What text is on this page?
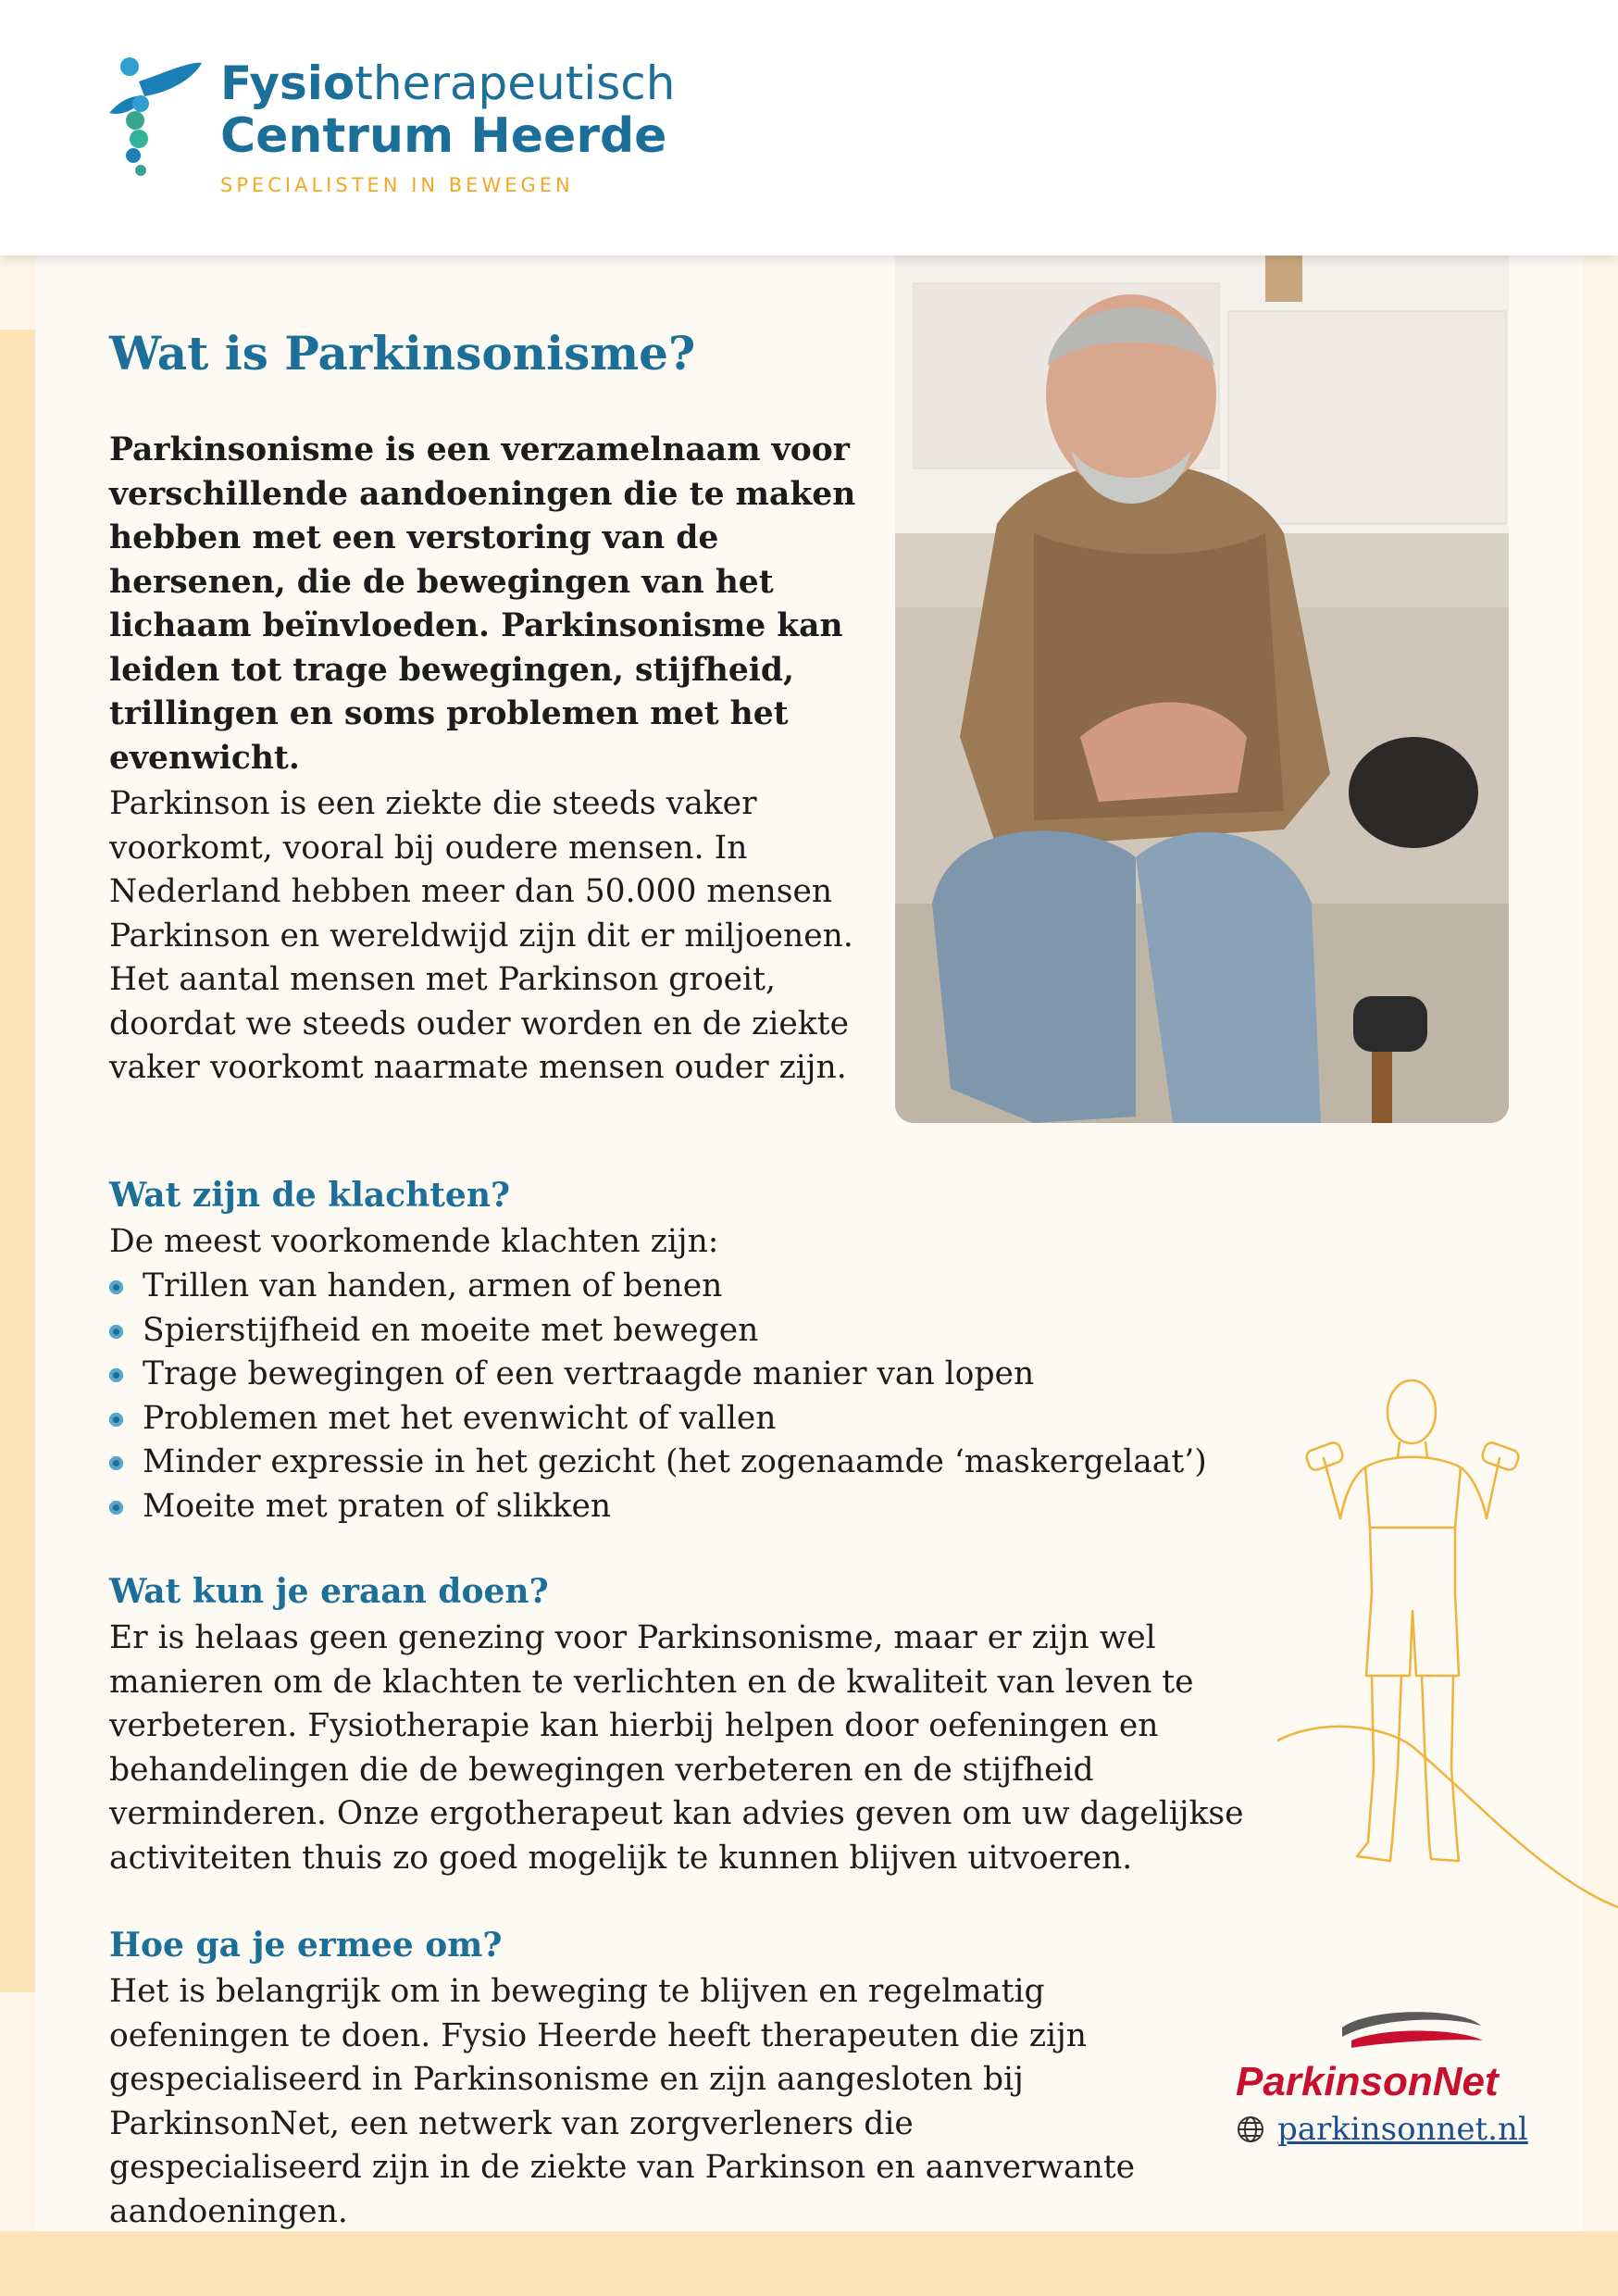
Fysiotherapeutisch
Centrum Heerde
SPECIALISTEN IN BEWEGEN
Wat is Parkinsonisme?

Parkinsonisme is een verzamelnaam voor verschillende aandoeningen die te maken hebben met een verstoring van de hersenen, die de bewegingen van het lichaam beïnvloeden. Parkinsonisme kan leiden tot trage bewegingen, stijfheid, trillingen en soms problemen met het evenwicht.

Parkinson is een ziekte die steeds vaker voorkomt, vooral bij oudere mensen. In Nederland hebben meer dan 50.000 mensen Parkinson en wereldwijd zijn dit er miljoenen. Het aantal mensen met Parkinson groeit, doordat we steeds ouder worden en de ziekte vaker voorkomt naarmate mensen ouder zijn.

Wat zijn de klachten?

De meest voorkomende klachten zijn:

Trillen van handen, armen of benen
Spierstijfheid en moeite met bewegen
Trage bewegingen of een vertraagde manier van lopen
Problemen met het evenwicht of vallen
Minder expressie in het gezicht (het zogenaamde ‘maskergelaat’)
Moeite met praten of slikken
Wat kun je eraan doen?

Er is helaas geen genezing voor Parkinsonisme, maar er zijn wel manieren om de klachten te verlichten en de kwaliteit van leven te verbeteren. Fysiotherapie kan hierbij helpen door oefeningen en behandelingen die de bewegingen verbeteren en de stijfheid verminderen. Onze ergotherapeut kan advies geven om uw dagelijkse activiteiten thuis zo goed mogelijk te kunnen blijven uitvoeren.

Hoe ga je ermee om?

Het is belangrijk om in beweging te blijven en regelmatig oefeningen te doen. Fysio Heerde heeft therapeuten die zijn gespecialiseerd in Parkinsonisme en zijn aangesloten bij ParkinsonNet, een netwerk van zorgverleners die gespecialiseerd zijn in de ziekte van Parkinson en aanverwante aandoeningen.

ParkinsonNet
parkinsonnet.nl
